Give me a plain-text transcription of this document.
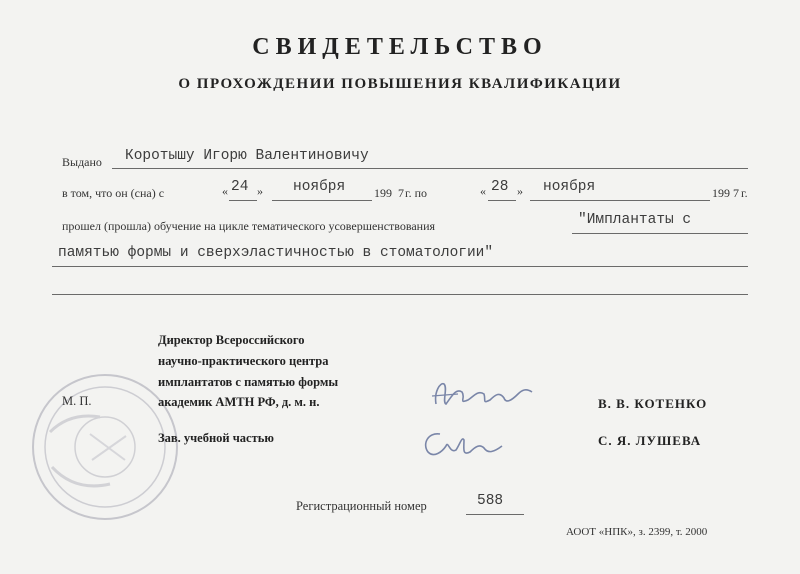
СВИДЕТЕЛЬСТВО
О ПРОХОЖДЕНИИ ПОВЫШЕНИЯ КВАЛИФИКАЦИИ
Выдано Коротышу Игорю Валентиновичу
в том, что он (сна) с	« 24 » ноября 199 7 г. по	« 28 » ноября	199 7 г.
прошел (прошла) обучение на цикле тематического усовершенствования	"Имплантаты с
памятью формы и сверхэластичностью в стоматологии"
Директор Всероссийского
научно-практического центра
имплантатов с памятью формы
академик АМТН РФ, д. м. н.
М. П.	В. В. КОТЕНКО
Зав. учебной частью	С. Я. ЛУШЕВА
Регистрационный номер	588
АООТ «НПК», з. 2399, т. 2000
